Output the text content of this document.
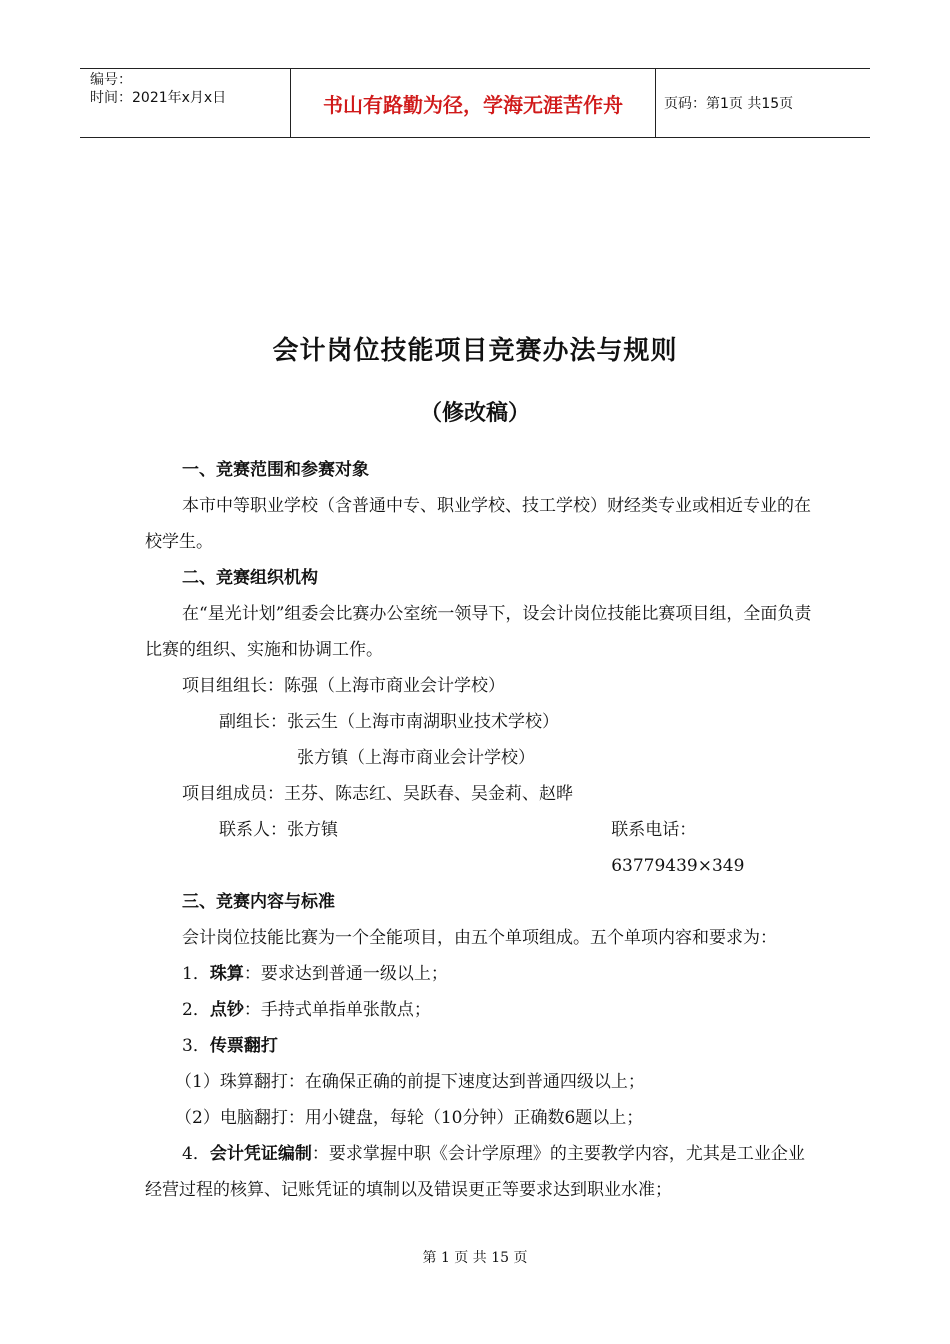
编号：
时间：2021年x月x日	书山有路勤为径，学海无涯苦作舟	页码：第1页 共15页
会计岗位技能项目竞赛办法与规则
（修改稿）

一、竞赛范围和参赛对象

本市中等职业学校（含普通中专、职业学校、技工学校）财经类专业或相近专业的在校学生。

二、竞赛组织机构

在“星光计划”组委会比赛办公室统一领导下，设会计岗位技能比赛项目组，全面负责比赛的组织、实施和协调工作。

项目组组长：陈强（上海市商业会计学校）

副组长：张云生（上海市南湖职业技术学校）

张方镇（上海市商业会计学校）

项目组成员：王芬、陈志红、吴跃春、吴金莉、赵晔

联系人：张方镇	联系电话：63779439×349

三、竞赛内容与标准

会计岗位技能比赛为一个全能项目，由五个单项组成。五个单项内容和要求为：

1．珠算：要求达到普通一级以上；

2．点钞：手持式单指单张散点；

3．传票翻打

（1）珠算翻打：在确保正确的前提下速度达到普通四级以上；

（2）电脑翻打：用小键盘，每轮（10分钟）正确数6题以上；

4．会计凭证编制：要求掌握中职《会计学原理》的主要教学内容，尤其是工业企业经营过程的核算、记账凭证的填制以及错误更正等要求达到职业水准；

第 1 页 共 15 页
